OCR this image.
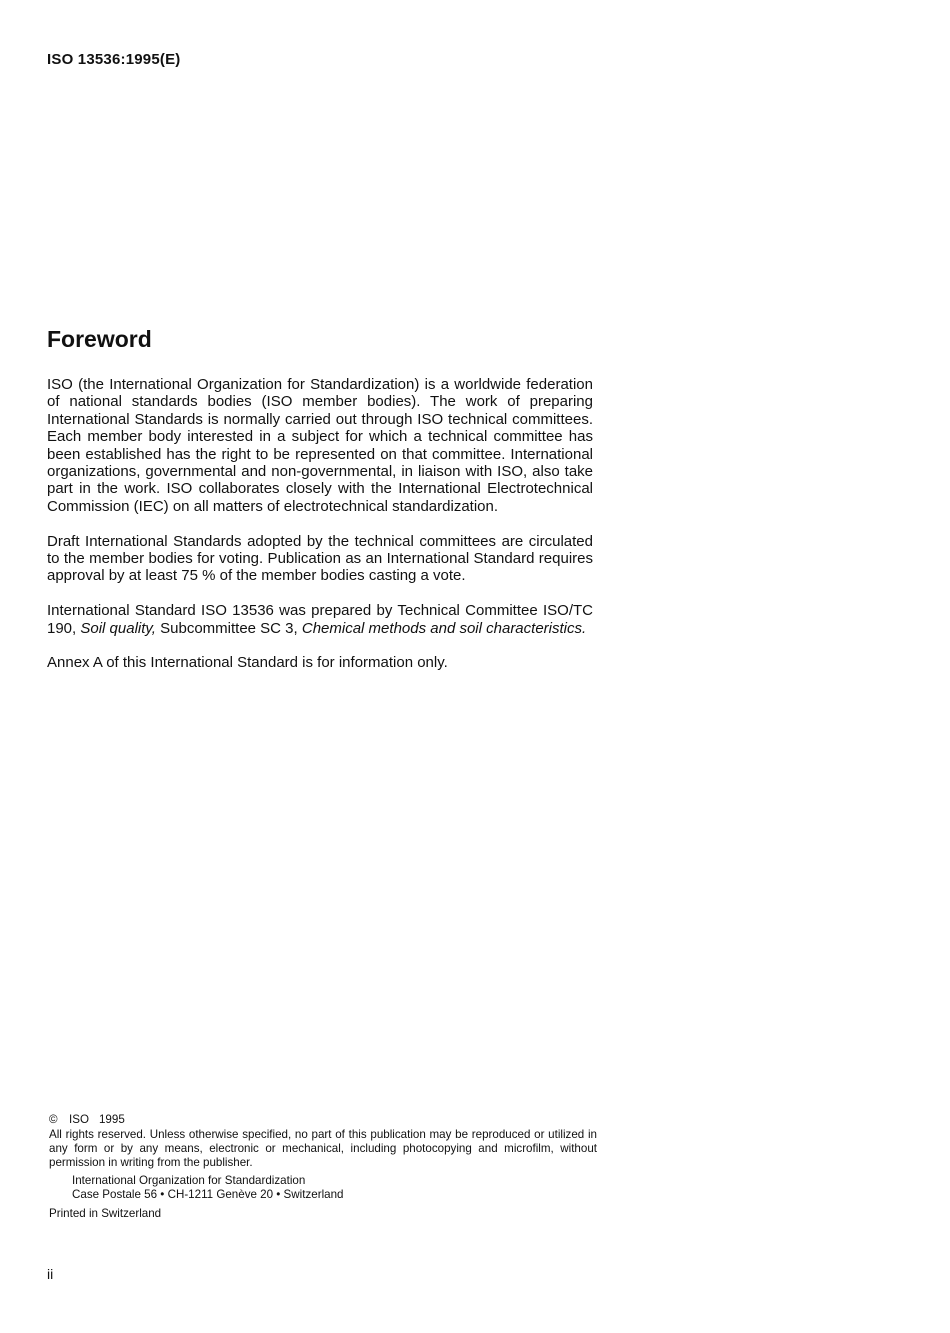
ISO 13536:1995(E)
Foreword

ISO (the International Organization for Standardization) is a worldwide federation of national standards bodies (ISO member bodies). The work of preparing International Standards is normally carried out through ISO technical committees. Each member body interested in a subject for which a technical committee has been established has the right to be represented on that committee. International organizations, governmental and non-governmental, in liaison with ISO, also take part in the work. ISO collaborates closely with the International Electrotechnical Commission (IEC) on all matters of electrotechnical standardization.

Draft International Standards adopted by the technical committees are circulated to the member bodies for voting. Publication as an International Standard requires approval by at least 75 % of the member bodies casting a vote.

International Standard ISO 13536 was prepared by Technical Committee ISO/TC 190, Soil quality, Subcommittee SC 3, Chemical methods and soil characteristics.

Annex A of this International Standard is for information only.

© ISO 1995

All rights reserved. Unless otherwise specified, no part of this publication may be reproduced or utilized in any form or by any means, electronic or mechanical, including photocopying and microfilm, without permission in writing from the publisher.

International Organization for Standardization
Case Postale 56 • CH-1211 Genève 20 • Switzerland
Printed in Switzerland
ii
